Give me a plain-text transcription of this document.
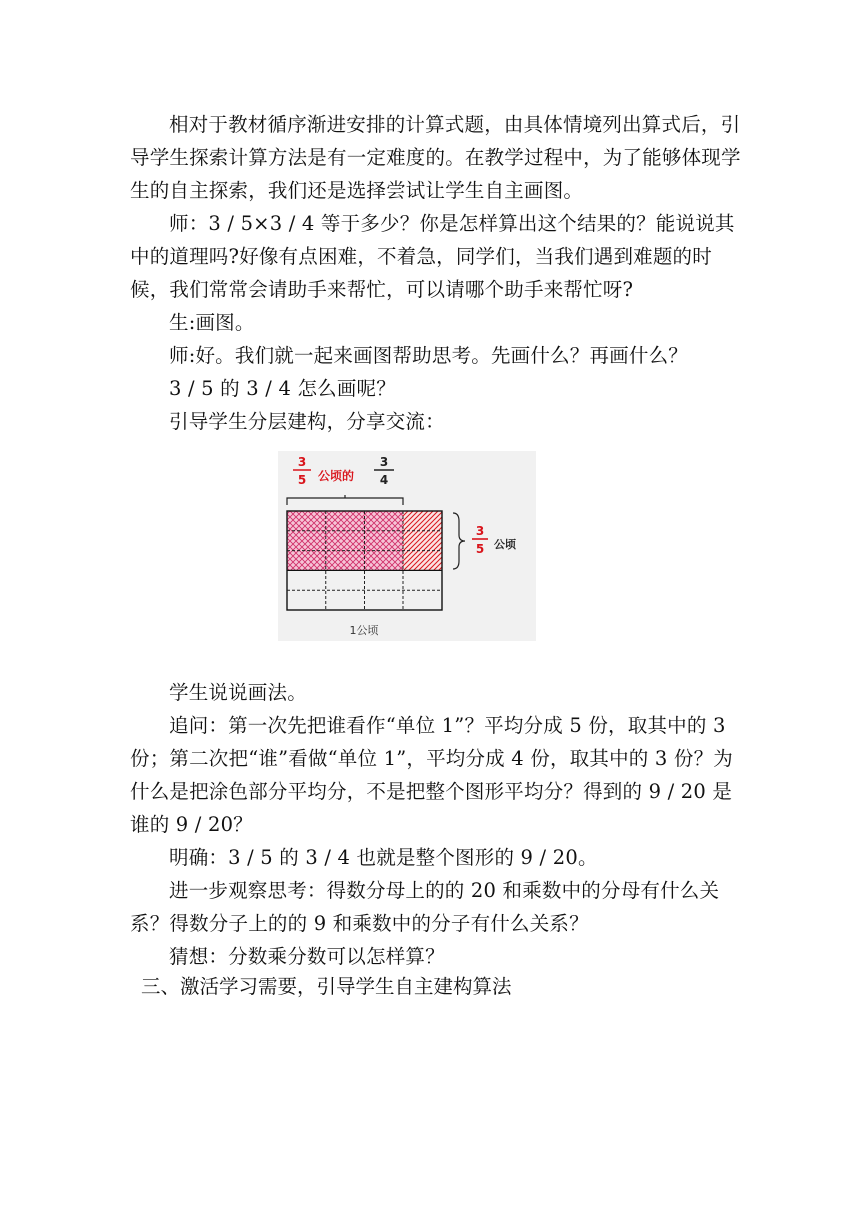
相对于教材循序渐进安排的计算式题，由具体情境列出算式后，引导学生探索计算方法是有一定难度的。在教学过程中，为了能够体现学生的自主探索，我们还是选择尝试让学生自主画图。

师：3 / 5×3 / 4 等于多少？你是怎样算出这个结果的？能说说其中的道理吗?好像有点困难，不着急，同学们，当我们遇到难题的时候，我们常常会请助手来帮忙，可以请哪个助手来帮忙呀?

生:画图。

师:好。我们就一起来画图帮助思考。先画什么？再画什么？

3 / 5 的 3 / 4 怎么画呢？

引导学生分层建构，分享交流：

3
5 公顷的
3
4
3
5 公顷
1公顷

学生说说画法。

追问：第一次先把谁看作“单位 1”？平均分成 5 份，取其中的 3 份；第二次把“谁”看做“单位 1”，平均分成 4 份，取其中的 3 份？为什么是把涂色部分平均分，不是把整个图形平均分？得到的 9 / 20 是谁的 9 / 20？

明确：3 / 5 的 3 / 4 也就是整个图形的 9 / 20。

进一步观察思考：得数分母上的的 20 和乘数中的分母有什么关系？得数分子上的的 9 和乘数中的分子有什么关系？

猜想：分数乘分数可以怎样算？

三、激活学习需要，引导学生自主建构算法
